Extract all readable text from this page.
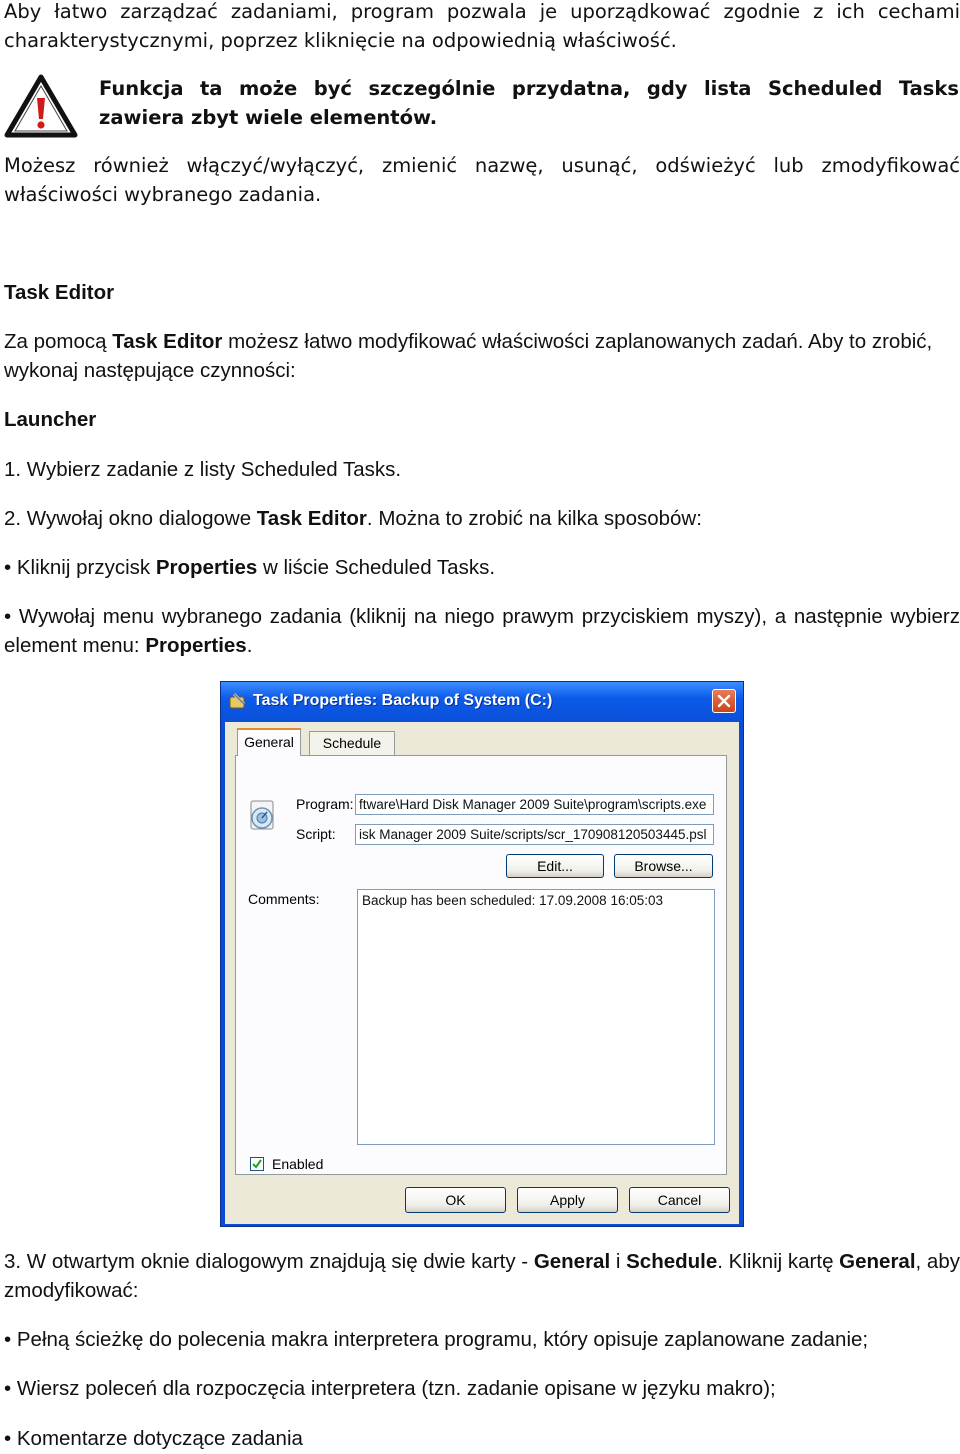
Aby łatwo zarządzać zadaniami, program pozwala je uporządkować zgodnie z ich cechami charakterystycznymi, poprzez kliknięcie na odpowiednią właściwość.

Funkcja ta może być szczególnie przydatna, gdy lista Scheduled Tasks zawiera zbyt wiele elementów.

Możesz również włączyć/wyłączyć, zmienić nazwę, usunąć, odświeżyć lub zmodyfikować właściwości wybranego zadania.

Task Editor

Za pomocą Task Editor możesz łatwo modyfikować właściwości zaplanowanych zadań. Aby to zrobić, wykonaj następujące czynności:

Launcher

1. Wybierz zadanie z listy Scheduled Tasks.

2. Wywołaj okno dialogowe Task Editor. Można to zrobić na kilka sposobów:

• Kliknij przycisk Properties w liście Scheduled Tasks.

• Wywołaj menu wybranego zadania (kliknij na niego prawym przyciskiem myszy), a następnie wybierz element menu: Properties.

Task Properties: Backup of System (C:)
General	Schedule
Program: ftware\Hard Disk Manager 2009 Suite\program\scripts.exe
Script: isk Manager 2009 Suite/scripts/scr_170908120503445.psl
Edit...	Browse...
Comments:	Backup has been scheduled: 17.09.2008 16:05:03
Enabled
OK	Apply	Cancel

3. W otwartym oknie dialogowym znajdują się dwie karty - General i Schedule. Kliknij kartę General, aby zmodyfikować:

• Pełną ścieżkę do polecenia makra interpretera programu, który opisuje zaplanowane zadanie;

• Wiersz poleceń dla rozpoczęcia interpretera (tzn. zadanie opisane w języku makro);

• Komentarze dotyczące zadania
